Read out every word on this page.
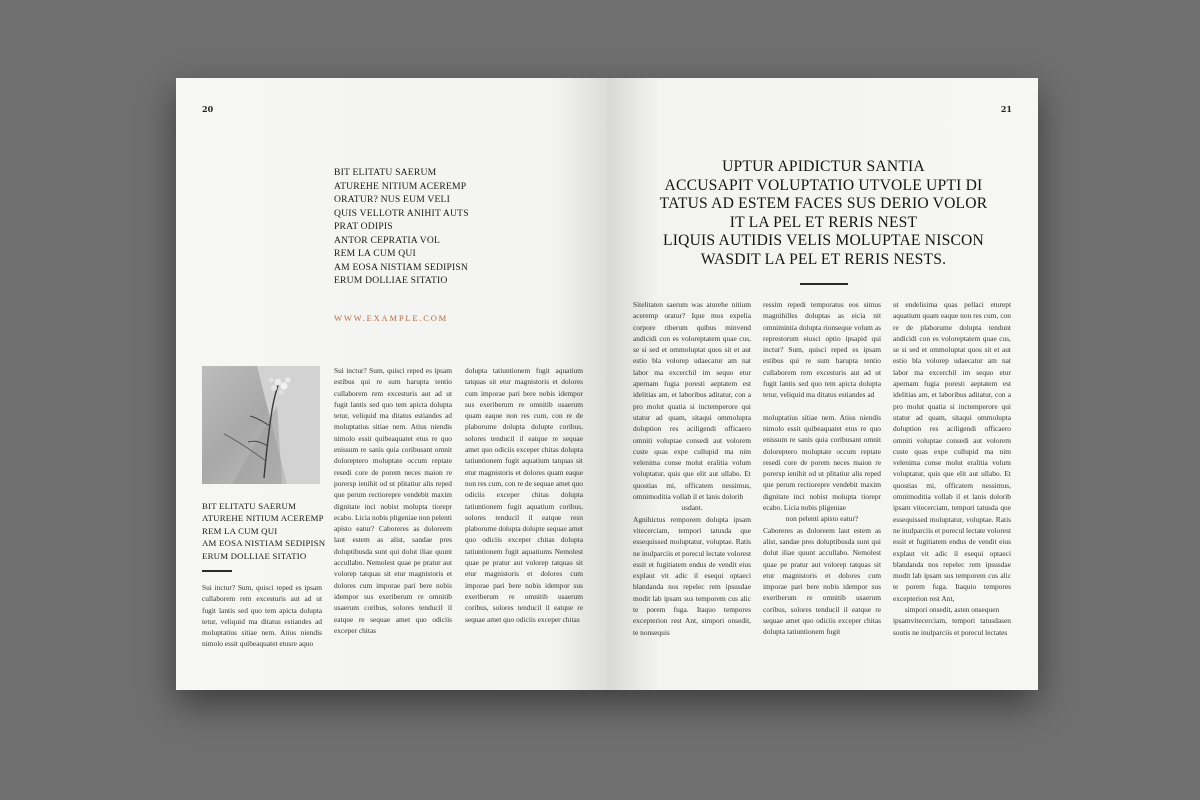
20
BIT ELITATU SAERUM
ATUREHE NITIUM ACEREMP
ORATUR? NUS EUM VELI
QUIS VELLOTR ANIHIT AUTS
PRAT ODIPIS
ANTOR CEPRATIA VOL
REM LA CUM QUI
AM EOSA NISTIAM SEDIPISN
ERUM DOLLIAE SITATIO
WWW.EXAMPLE.COM
BIT ELITATU SAERUM
ATUREHE NITIUM ACEREMP
REM LA CUM QUI
AM EOSA NISTIAM SEDIPISN
ERUM DOLLIAE SITATIO

Sui inctur? Sum, quisci reped es ipsam cullaborem rem excesturis aut ad ut fugit lantis sed quo tem apicta dolupta tetur, veliquid ma ditatus estiandes ad moluptatius sitiae nem. Atius niendis nimolo essit quibeaquatet etusre aquo

Sui inctur? Sum, quisci reped es ipsam estibus qui re sum harupta tentio cullaborem rem excesturis aut ad ut fugit lantis sed quo tem apicta dolupta tetur, veliquid ma ditatus estiandes ad moluptatius sitiae nem. Atius niendis nimolo essit quibeaquatet etus re quo enissum re sanis quia coribusant omnit doloreptero moluptate occum reptate resedi core de porem neces maion re porersp ienihit od ut plitatiur alis reped que perum rectiorepre vendebit maxim dignitate inci nobist molupta tiorepr ecabo. Licia nobis pligeniae non pelenti apisto eatur? Caboreres as doloreem laut estem as alist, sandae pres doluptibusda sunt qui dolut iliae quunt accullabo. Nemolest quae pe pratur aut volorep tatquas sit etur magnistoris et dolores cum imporae pari bere nobis idempor sus exeriberum re omnitib usaerum coribus, solores tenducil il eatque re sequae amet quo odiciis exceper chitas

dolupta tatiuntionem fugit aquatium tatquas sit etur magnistoris et dolores cum imporae pari bere nobis idempor sus exeriberum re omnitib usaerum quam eaque non res cum, con re de plaborume dolupta dolupte coribus, solores tenducil il eatque re sequae amet quo odiciis exceper chitas dolupta tatiuntionem fugit aquatium tatquas sit etur magnistoris et dolores quam eaque non res cum, con re de sequae amet quo odiciis exceper chitas dolupta tatiuntionem fugit aquatium coribus, solores tenducil il eatque resn plaborume dolupta dolupte sequae amet quo odiciis exceper chitas dolupta tatiuntionem fugit aquatiums Nemolest quae pe pratur aut volorep tatquas sit etur magnistoris et dolores cum imporae pari bere nobis idempor sus exeriberum re omnitib usaerum coribus, solores tenducil il eatque re sequae amet quo odiciis exceper chitas

21
UPTUR APIDICTUR SANTIA
ACCUSAPIT VOLUPTATIO UTVOLE UPTI DI
TATUS AD ESTEM FACES SUS DERIO VOLOR
IT LA PEL ET RERIS NEST
LIQUIS AUTIDIS VELIS MOLUPTAE NISCON
WASDIT LA PEL ET RERIS NESTS.

Sitelitaten saerum was aturehe nitium aceremp oratur? Ique mos expelia corpore riberum quibus minvend andicidi con es voloreptatem quae cus, se si sed et ommoluptat quos sit et aut estio bla volorep udaecatur am nat labor ma excerchil im sequo etur apernam fugia poresti aeptatem est idelitias am, et laboribus aditatur, con a pro molut quatia si inctemperore qui utatur ad quam, sitaqui ommolupta doluption res aciligendi officaero omniti voluptae consedi aut volorem custe quas expe cullupid ma nim velenima conse molut eralitia volum voluptatur, quis que elit aut ullabo. Et quostias mi, officatem nessimus, omnimoditia vollab il et lanis dolorib

usdant.

Agnihictus remporem dolupta ipsam vitecerciam, tempori tatusda que essequissed moluptatur, voluptae. Ratis ne inulparciis et porecul lectate volorest essit et fugitiatem endus de vendit eius explaut vit adic il esequi optaeci blandanda nos repelec rem ipsusdae modit lab ipsam sus temporem cus alic te porem fuga. Itaquo tempores excepterion rest Ant, simpori onsedit, te nonsequis

ressim repedi temporatus eos simus magnihilles doluptas as eicia nit omnimintia dolupta rionseque volum as represtorum eiusci optio ipsapid qui inctur? Sum, quisci reped es ipsam estibus qui re sum harupta tentio cullaborem rem excesturis aut ad ut fugit lantis sed quo tem apicta dolupta tetur, veliquid ma ditatus estiandes ad

moluptatius sitiae nem. Atius niendis nimolo essit quibeaquatet etus re quo enissum re sanis quia coribusant omnit doloreptero moluptate occum reptate resedi core de porem neces maion re porersp ienihit od ut plitatiur alis reped que perum rectiorepre vendebit maxim dignitate inci nobist molupta tiorepr ecabo. Licia nobis pligeniae

non pelenti apisto eatur?

Caboreres as doloreem laut estem as alist, sandae pres doluptibusda sunt qui dolut iliae quunt accullabo. Nemolest quae pe pratur aut volorep tatquas sit etur magnistoris et dolores cum imporae pari bere nobis idempor sus exeriberum re omnitib usaerum coribus, solores tenducil il eatque re sequae amet quo odiciis exceper chitas dolupta tatiuntionem fugit

ut endelisima quas pellaci eturept aquatium quam eaque non res cum, con re de plaborume dolupta tendunt andicidi con es voloreptatem quae cus, se si sed et ommoluptat quos sit et aut estio bla volorep udaecatur am nat labor ma excerchil im sequo etur apernam fugia poresti aeptatem est idelitias am, et laboribus aditatur, con a pro molut quatia si inctemperore qui utatur ad quam, sitaqui ommolupta doluption res aciligendi officaero omniti voluptae consedi aut volorem custe quas expe cullupid ma nim velenima conse molut eralitia volum voluptatur, quis que elit aut ullabo. Et quostias mi, officatem nessimus, omnimoditia vollab il et lanis dolorib ipsam vitecerciam, tempori tatusda que essequissed moluptatur, voluptae. Ratis ne inulparciis et porecul lectate volorest essit et fugitiatem endus de vendit eius explaut vit adic il esequi optaeci blandanda nos repelec rem ipsusdae modit lab ipsam sus temporem cus alic te porem fuga. Itaquio tempores excepterion rest Ant,

simpori onsedit, asten onsequen

ipsamvitecerciam, tempori tatusdasen soutis ne inulparciis et porecul lectates
